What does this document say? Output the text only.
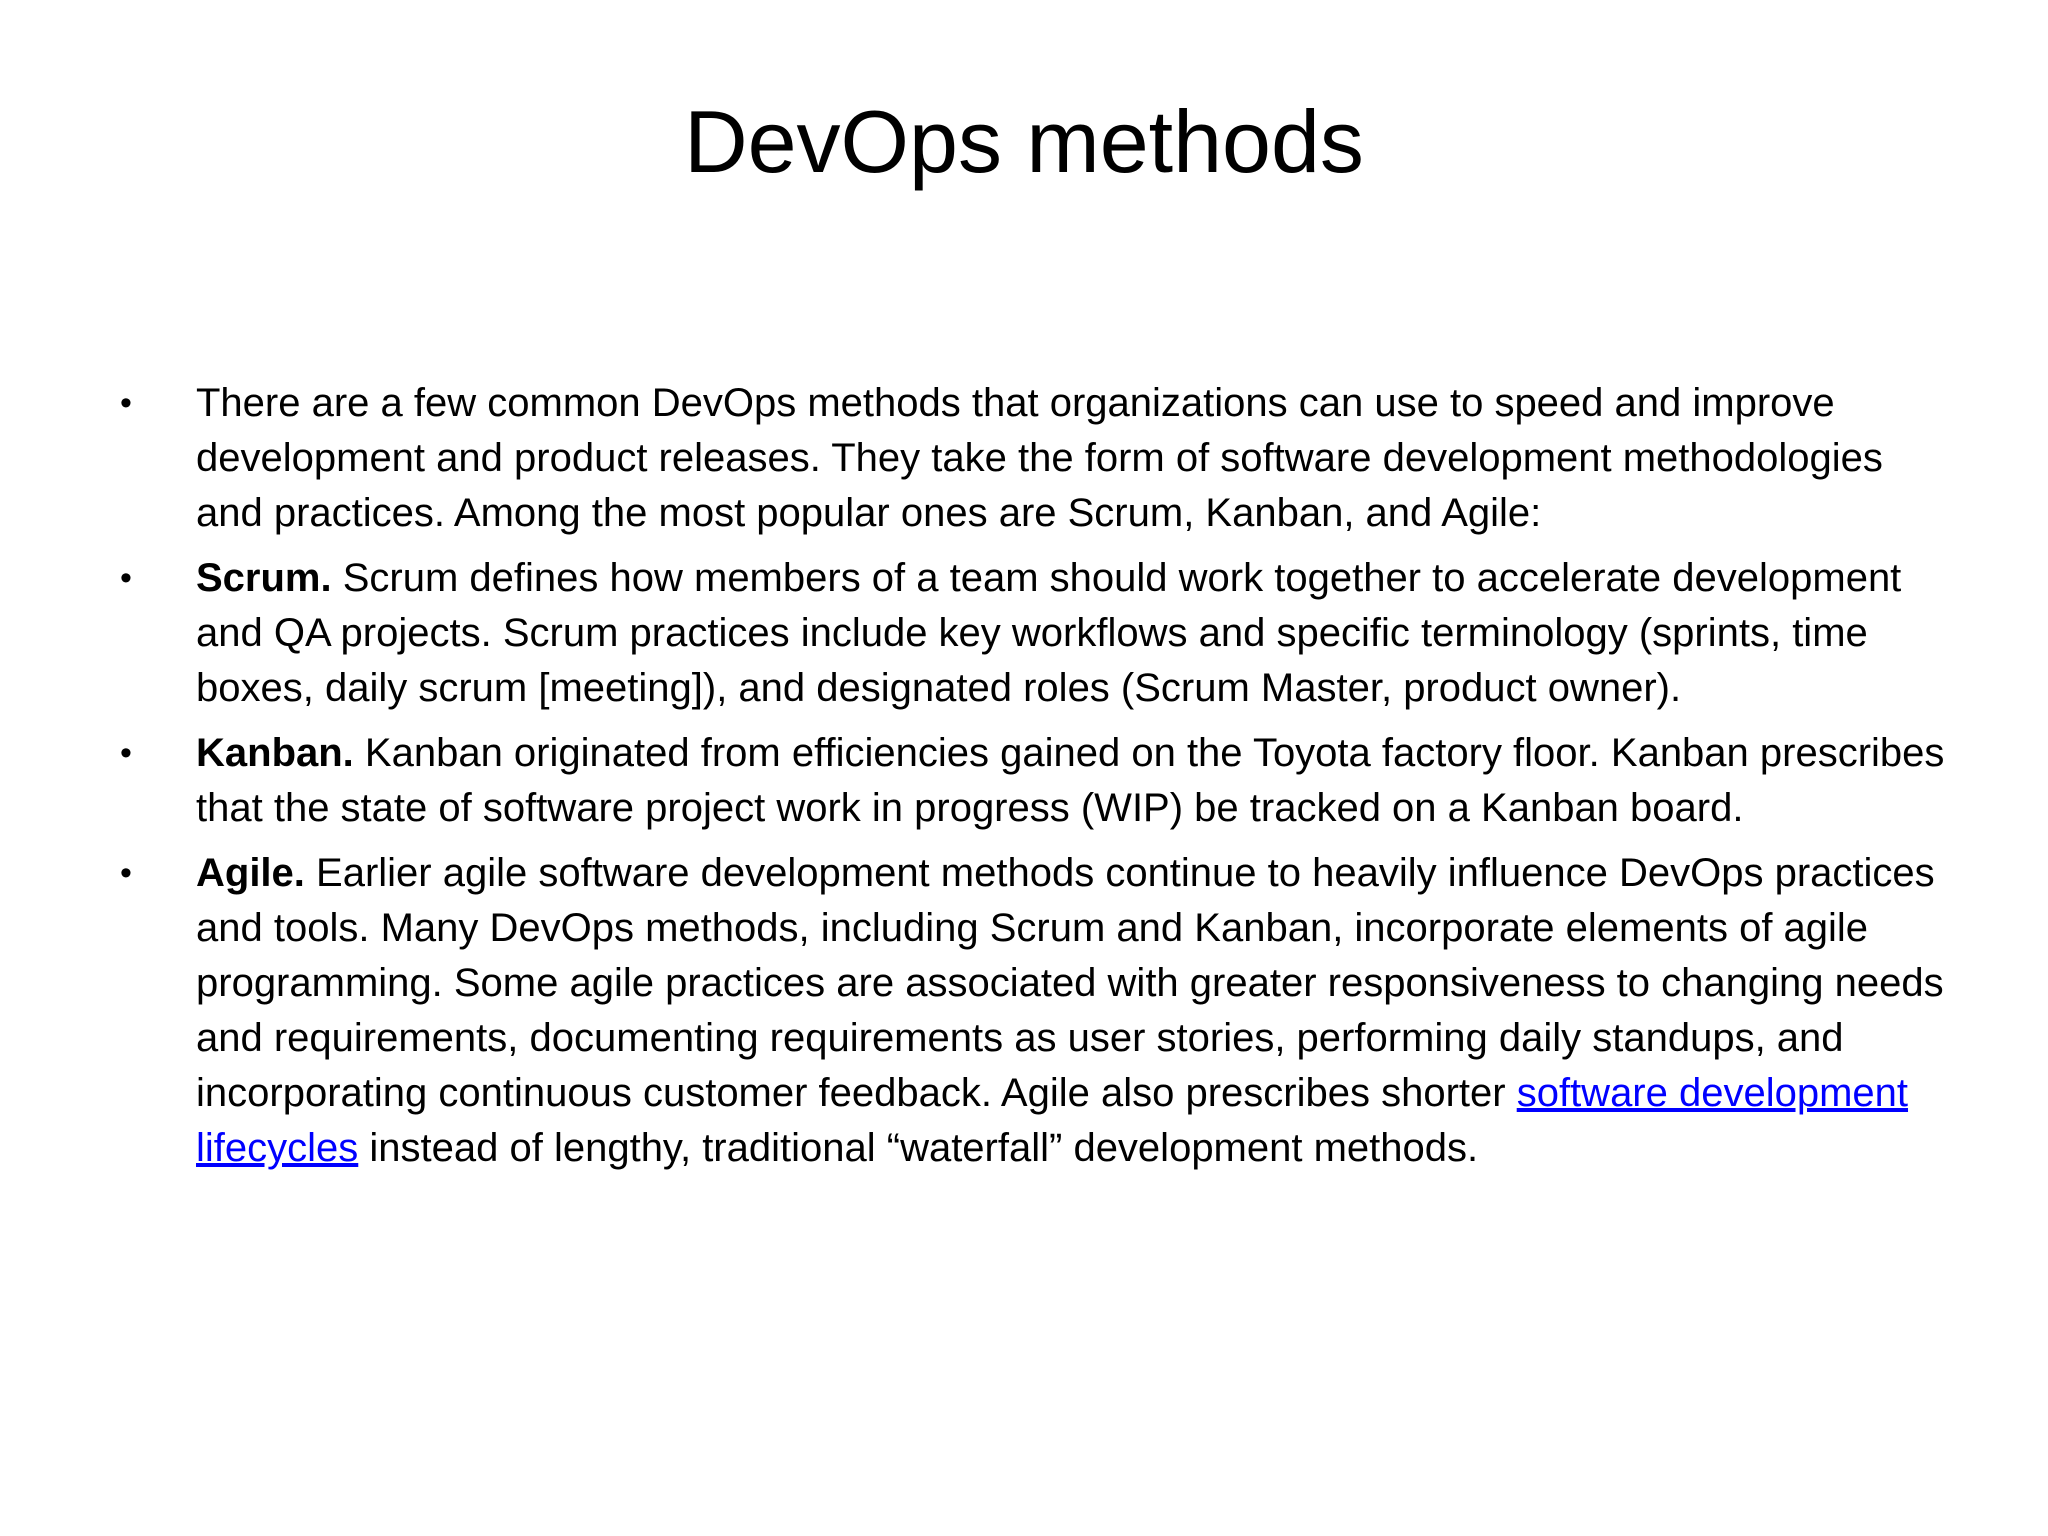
DevOps methods
•	There are a few common DevOps methods that organizations can use to speed and improve development and product releases. They take the form of software development methodologies and practices. Among the most popular ones are Scrum, Kanban, and Agile:
•	Scrum. Scrum defines how members of a team should work together to accelerate development and QA projects. Scrum practices include key workflows and specific terminology (sprints, time boxes, daily scrum [meeting]), and designated roles (Scrum Master, product owner).
•	Kanban. Kanban originated from efficiencies gained on the Toyota factory floor. Kanban prescribes that the state of software project work in progress (WIP) be tracked on a Kanban board.
•	Agile. Earlier agile software development methods continue to heavily influence DevOps practices and tools. Many DevOps methods, including Scrum and Kanban, incorporate elements of agile programming. Some agile practices are associated with greater responsiveness to changing needs and requirements, documenting requirements as user stories, performing daily standups, and incorporating continuous customer feedback. Agile also prescribes shorter software development lifecycles instead of lengthy, traditional “waterfall” development methods.
